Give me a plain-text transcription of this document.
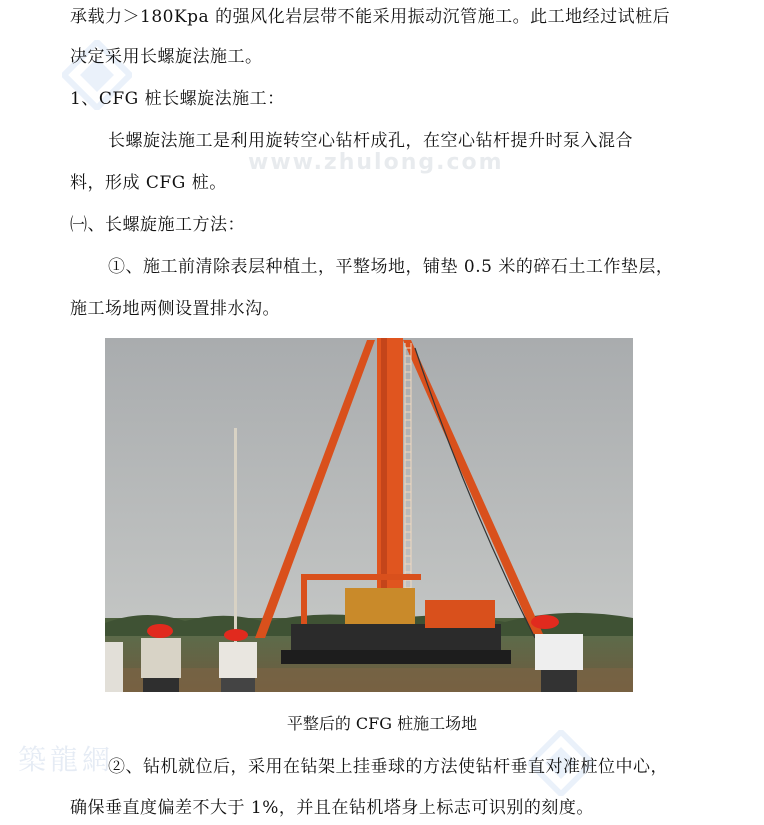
www.zhulong.com
築龍網
承载力＞180Kpa 的强风化岩层带不能采用振动沉管施工。此工地经过试桩后
决定采用长螺旋法施工。
1、CFG 桩长螺旋法施工：
长螺旋法施工是利用旋转空心钻杆成孔，在空心钻杆提升时泵入混合
料，形成 CFG 桩。
㈠、长螺旋施工方法：
①、施工前清除表层种植土，平整场地，铺垫 0.5 米的碎石土工作垫层，
施工场地两侧设置排水沟。
平整后的 CFG 桩施工场地
②、钻机就位后，采用在钻架上挂垂球的方法使钻杆垂直对准桩位中心，
确保垂直度偏差不大于 1%，并且在钻机塔身上标志可识别的刻度。
